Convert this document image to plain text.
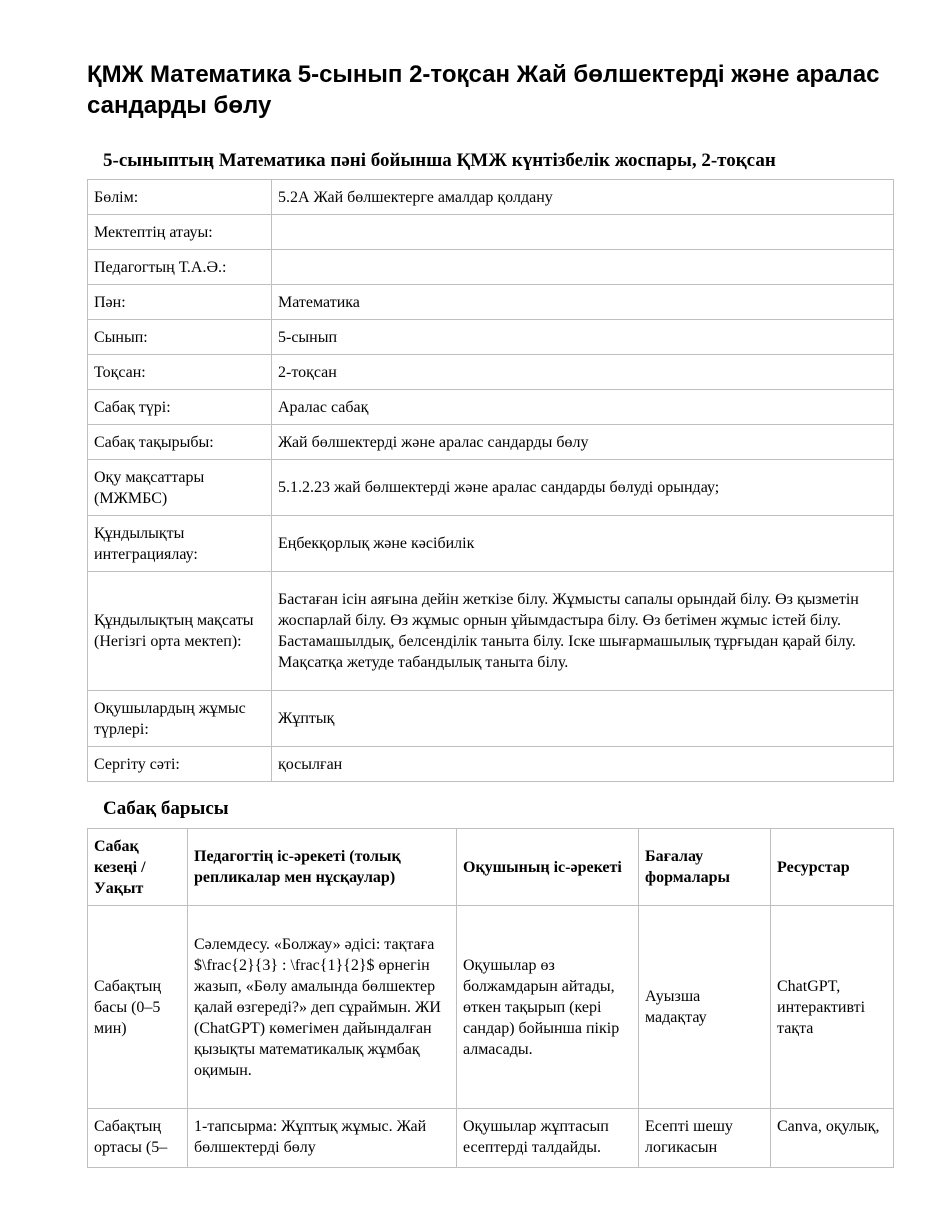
ҚМЖ Математика 5-сынып 2-тоқсан Жай бөлшектерді және аралас сандарды бөлу
5-сыныптың Математика пәні бойынша ҚМЖ күнтізбелік жоспары, 2-тоқсан
Бөлім:	5.2А Жай бөлшектерге амалдар қолдану
Мектептің атауы:	
Педагогтың Т.А.Ә.:	
Пән:	Математика
Сынып:	5-сынып
Тоқсан:	2-тоқсан
Сабақ түрі:	Аралас сабақ
Сабақ тақырыбы:	Жай бөлшектерді және аралас сандарды бөлу
Оқу мақсаттары (МЖМБС)	5.1.2.23 жай бөлшектерді және аралас сандарды бөлуді орындау;
Құндылықты интеграциялау:	Еңбекқорлық және кәсібилік
Құндылықтың мақсаты (Негізгі орта мектеп):	Бастаған ісін аяғына дейін жеткізе білу. Жұмысты сапалы орындай білу. Өз қызметін жоспарлай білу. Өз жұмыс орнын ұйымдастыра білу. Өз бетімен жұмыс істей білу. Бастамашылдық, белсенділік таныта білу. Іске шығармашылық тұрғыдан қарай білу. Мақсатқа жетуде табандылық таныта білу.
Оқушылардың жұмыс түрлері:	Жұптық
Сергіту сәті:	қосылған
Сабақ барысы
Сабақ кезеңі / Уақыт	Педагогтің іс-әрекеті (толық репликалар мен нұсқаулар)	Оқушының іс-әрекеті	Бағалау формалары	Ресурстар
Сабақтың басы (0–5 мин)	Сәлемдесу. «Болжау» әдісі: тақтаға $\frac{2}{3} : \frac{1}{2}$ өрнегін жазып, «Бөлу амалында бөлшектер қалай өзгереді?» деп сұраймын. ЖИ (ChatGPT) көмегімен дайындалған қызықты математикалық жұмбақ оқимын.	Оқушылар өз болжамдарын айтады, өткен тақырып (кері сандар) бойынша пікір алмасады.	Ауызша мадақтау	ChatGPT, интерактивті тақта
Сабақтың ортасы (5–	1-тапсырма: Жұптық жұмыс. Жай бөлшектерді бөлу	Оқушылар жұптасып есептерді талдайды.	Есепті шешу логикасын	Canva, оқулық,
